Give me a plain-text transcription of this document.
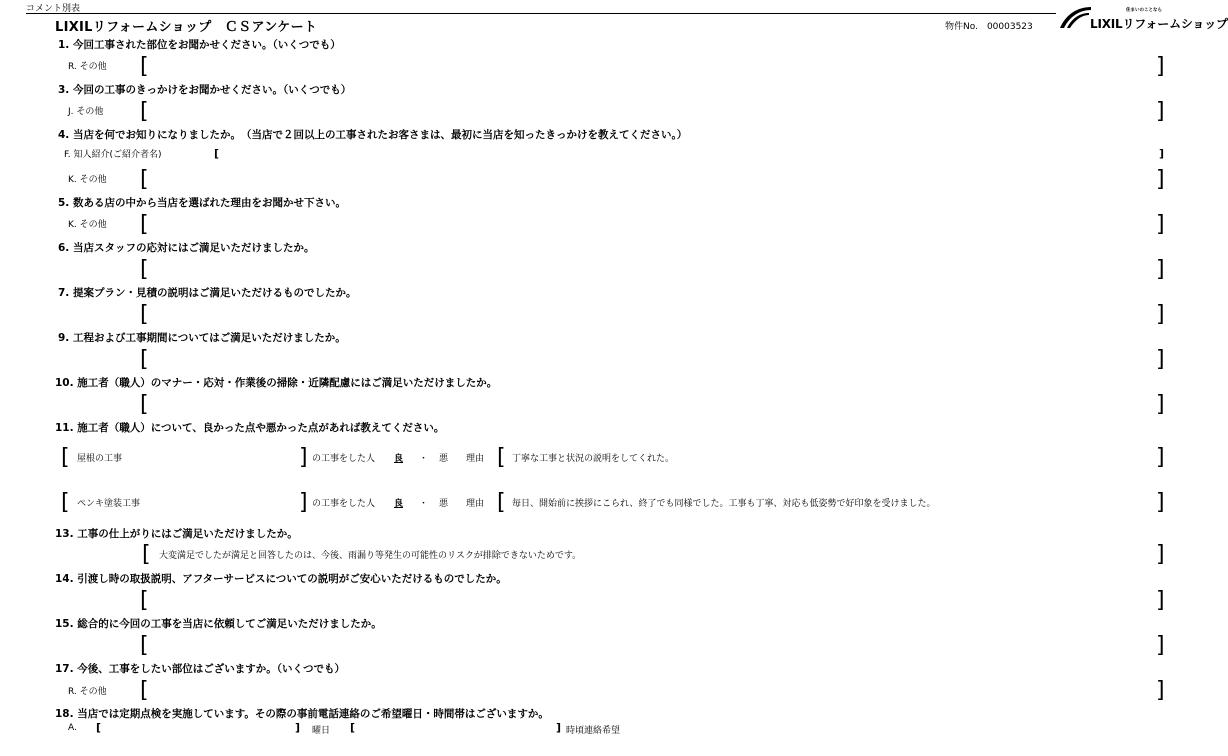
コメント別表
LIXILリフォームショップ　ＣＳアンケート	物件No.　00003523
住まいのことなら
LIXILリフォームショップ
1. 今回工事された部位をお聞かせください。（いくつでも）
R. その他 [	]
3. 今回の工事のきっかけをお聞かせください。（いくつでも）
J. その他 [	]
4. 当店を何でお知りになりましたか。　（当店で２回以上の工事されたお客さまは、最初に当店を知ったきっかけを教えてください。）
F. 知人紹介(ご紹介者名)	[	]
K. その他 [	]
5. 数ある店の中から当店を選ばれた理由をお聞かせ下さい。
K. その他 [	]
6. 当店スタッフの応対にはご満足いただけましたか。
[	]
7. 提案プラン・見積の説明はご満足いただけるものでしたか。
[	]
9. 工程および工事期間についてはご満足いただけましたか。
[	]
10. 施工者（職人）のマナー・応対・作業後の掃除・近隣配慮にはご満足いただけましたか。
[	]
11. 施工者（職人）について、良かった点や悪かった点があれば教えてください。
[ 屋根の工事	] の工事をした人 良 ・ 悪 理由 [ 丁寧な工事と状況の説明をしてくれた。	]
[ ペンキ塗装工事	] の工事をした人 良 ・ 悪 理由 [ 毎日、開始前に挨拶にこられ、終了でも同様でした。工事も丁寧、対応も低姿勢で好印象を受けました。	]
13. 工事の仕上がりにはご満足いただけましたか。
[ 大変満足でしたが満足と回答したのは、今後、雨漏り等発生の可能性のリスクが排除できないためです。	]
14. 引渡し時の取扱説明、アフターサービスについての説明がご安心いただけるものでしたか。
[	]
15. 総合的に今回の工事を当店に依頼してご満足いただけましたか。
[	]
17. 今後、工事をしたい部位はございますか。（いくつでも）
R. その他 [	]
18. 当店では定期点検を実施しています。その際の事前電話連絡のご希望曜日・時間帯はございますか。
A. [	] 曜日 [	] 時頃連絡希望
